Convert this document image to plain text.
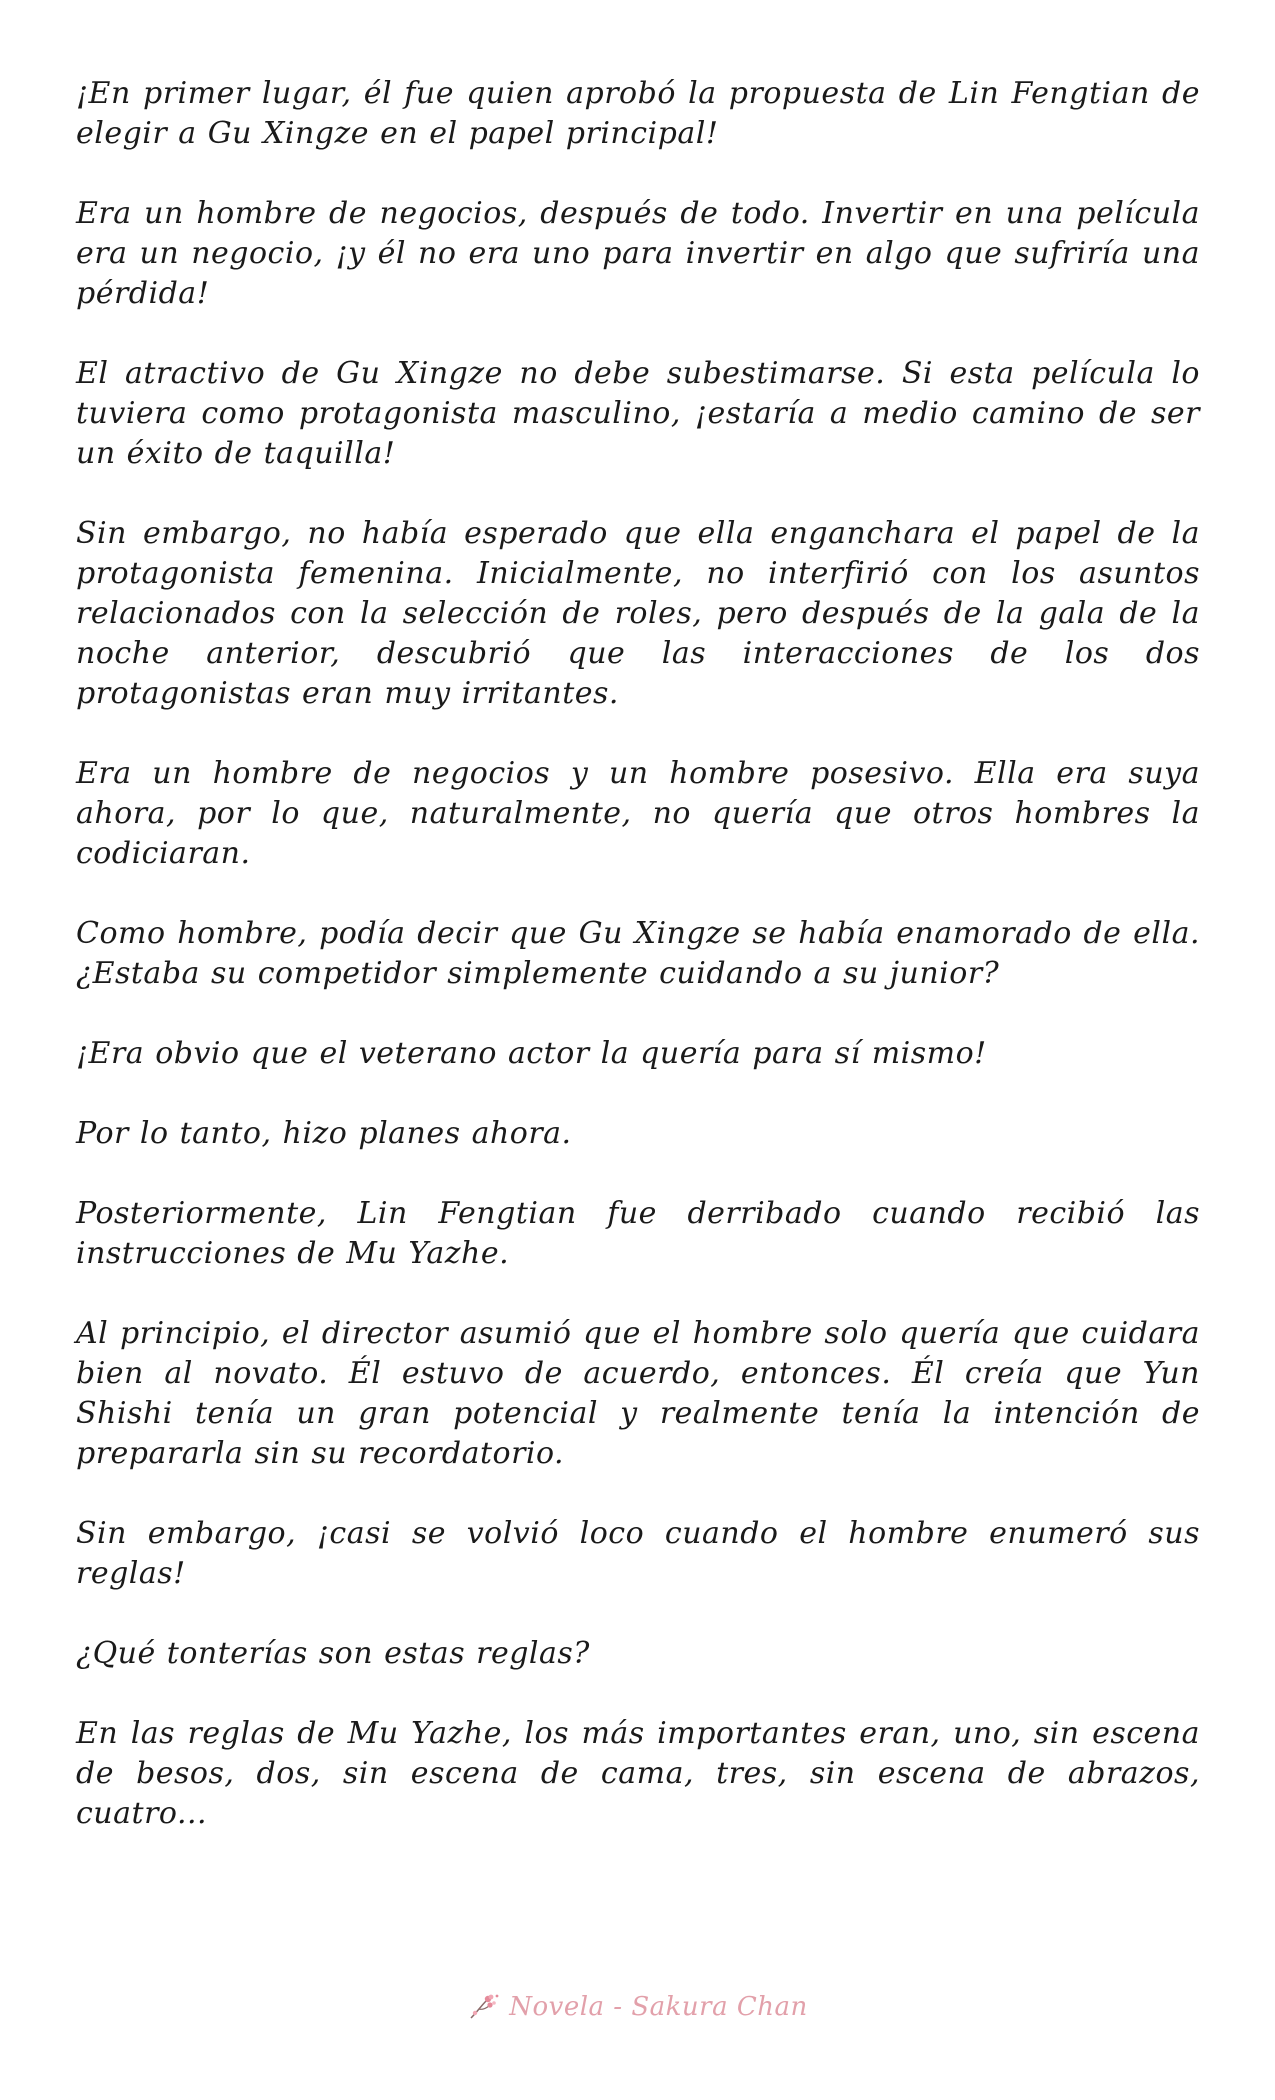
¡En primer lugar, él fue quien aprobó la propuesta de Lin Fengtian de elegir a Gu Xingze en el papel principal!

Era un hombre de negocios, después de todo. Invertir en una película era un negocio, ¡y él no era uno para invertir en algo que sufriría una pérdida!

El atractivo de Gu Xingze no debe subestimarse. Si esta película lo tuviera como protagonista masculino, ¡estaría a medio camino de ser un éxito de taquilla!

Sin embargo, no había esperado que ella enganchara el papel de la protagonista femenina. Inicialmente, no interfirió con los asuntos relacionados con la selección de roles, pero después de la gala de la noche anterior, descubrió que las interacciones de los dos protagonistas eran muy irritantes.

Era un hombre de negocios y un hombre posesivo. Ella era suya ahora, por lo que, naturalmente, no quería que otros hombres la codiciaran.

Como hombre, podía decir que Gu Xingze se había enamorado de ella. ¿Estaba su competidor simplemente cuidando a su junior?

¡Era obvio que el veterano actor la quería para sí mismo!

Por lo tanto, hizo planes ahora.

Posteriormente, Lin Fengtian fue derribado cuando recibió las instrucciones de Mu Yazhe.

Al principio, el director asumió que el hombre solo quería que cuidara bien al novato. Él estuvo de acuerdo, entonces. Él creía que Yun Shishi tenía un gran potencial y realmente tenía la intención de prepararla sin su recordatorio.

Sin embargo, ¡casi se volvió loco cuando el hombre enumeró sus reglas!

¿Qué tonterías son estas reglas?

En las reglas de Mu Yazhe, los más importantes eran, uno, sin escena de besos, dos, sin escena de cama, tres, sin escena de abrazos, cuatro...

Novela - Sakura Chan
